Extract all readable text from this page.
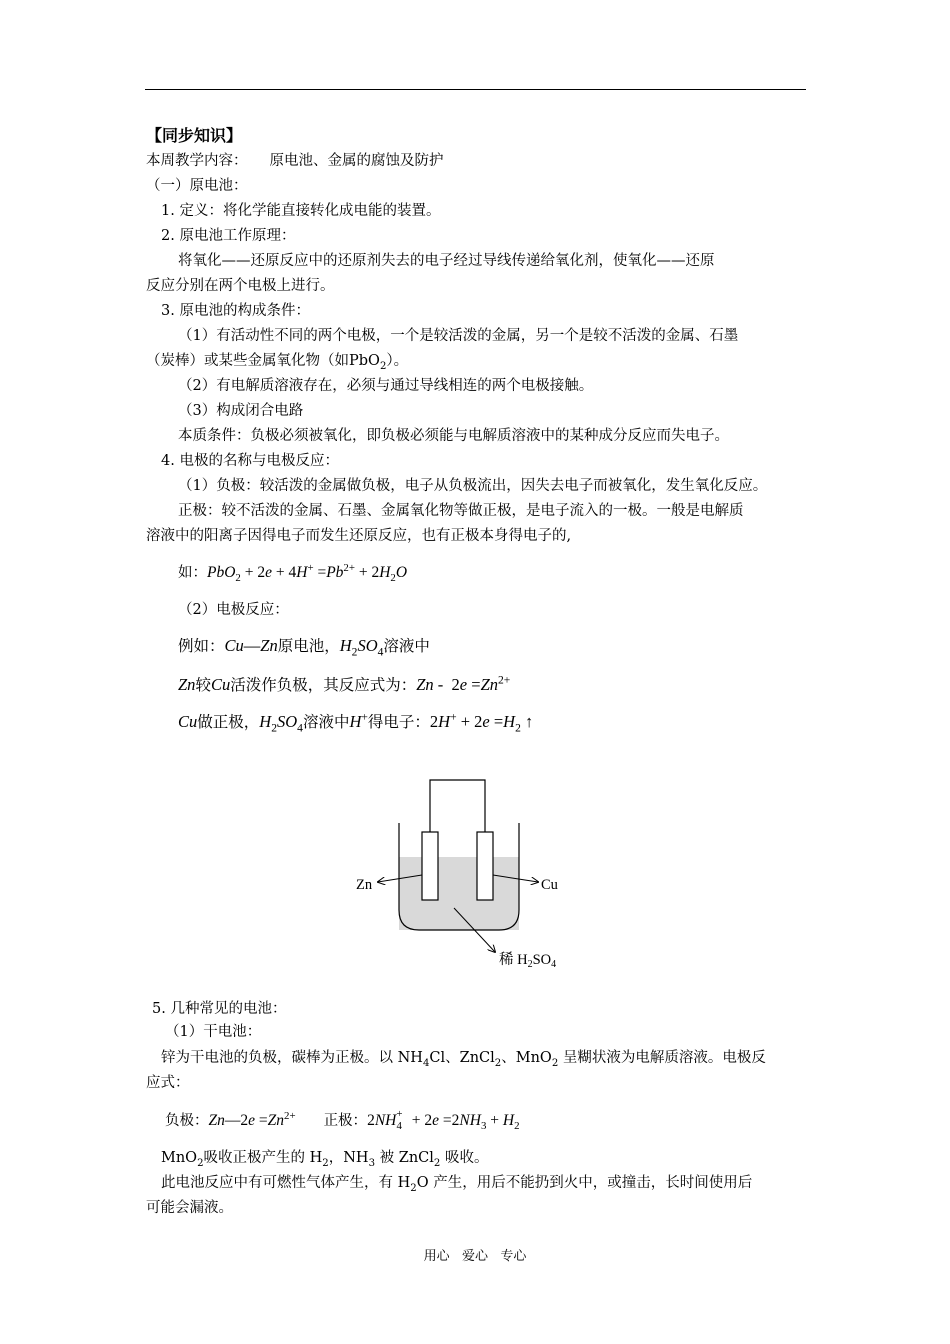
【同步知识】
本周教学内容： 原电池、金属的腐蚀及防护
（一）原电池：
1. 定义：将化学能直接转化成电能的装置。
2. 原电池工作原理：
将氧化——还原反应中的还原剂失去的电子经过导线传递给氧化剂，使氧化——还原
反应分别在两个电极上进行。
3. 原电池的构成条件：
（1）有活动性不同的两个电极，一个是较活泼的金属，另一个是较不活泼的金属、石墨
（炭棒）或某些金属氧化物（如PbO$_2$）。
（2）有电解质溶液存在，必须与通过导线相连的两个电极接触。
（3）构成闭合电路
本质条件：负极必须被氧化，即负极必须能与电解质溶液中的某种成分反应而失电子。
4. 电极的名称与电极反应：
（1）负极：较活泼的金属做负极，电子从负极流出，因失去电子而被氧化，发生氧化反应。
正极：较不活泼的金属、石墨、金属氧化物等做正极，是电子流入的一极。一般是电解质
溶液中的阳离子因得电子而发生还原反应，也有正极本身得电子的,
如：$PbO_2 + 2e + 4H^+ =Pb^{2+} + 2H_2O$
（2）电极反应：
例如：Cu—Zn原电池，$H_2SO_4$溶液中
Zn较Cu活泼作负极，其反应式为：$Zn - 2e =Zn^{2+}$
Cu做正极，$H_2SO_4$溶液中H+得电子：$2H^+ + 2e =H_2$ ↑
Zn	Cu
稀 $H_2SO_4$
5. 几种常见的电池：
（1）干电池：
锌为干电池的负极，碳棒为正极。以 $NH_4Cl$、ZnCl$_2$、MnO$_2$ 呈糊状液为电解质溶液。电极反
应式：
负极：Zn—2e $=Zn^{2+}$ 正极：$2NH_{+4} + 2e =2NH_3 + H_2$
MnO$_2$吸收正极产生的 $H_2$，$NH_3$ 被 ZnCl$_2$ 吸收。
此电池反应中有可燃性气体产生，有 $H_2O$ 产生，用后不能扔到火中，或撞击，长时间使用后
可能会漏液。
用心   爱心   专心
